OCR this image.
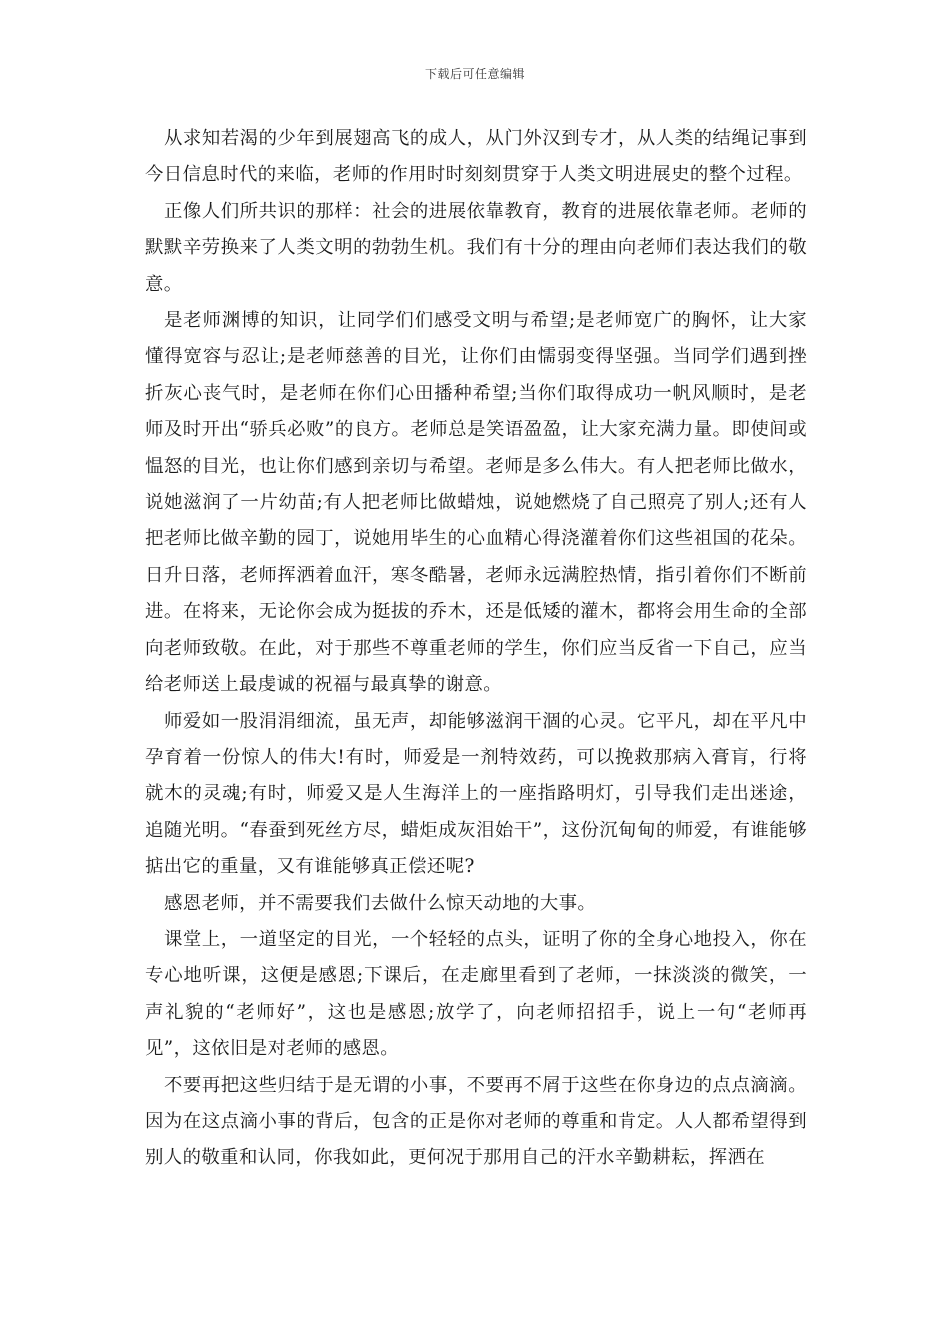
下载后可任意编辑

从求知若渴的少年到展翅高飞的成人，从门外汉到专才，从人类的结绳记事到今日信息时代的来临，老师的作用时时刻刻贯穿于人类文明进展史的整个过程。

正像人们所共识的那样：社会的进展依靠教育，教育的进展依靠老师。老师的默默辛劳换来了人类文明的勃勃生机。我们有十分的理由向老师们表达我们的敬意。

是老师渊博的知识，让同学们们感受文明与希望;是老师宽广的胸怀，让大家懂得宽容与忍让;是老师慈善的目光，让你们由懦弱变得坚强。当同学们遇到挫折灰心丧气时，是老师在你们心田播种希望;当你们取得成功一帆风顺时，是老师及时开出“骄兵必败”的良方。老师总是笑语盈盈，让大家充满力量。即使间或愠怒的目光，也让你们感到亲切与希望。老师是多么伟大。有人把老师比做水，说她滋润了一片幼苗;有人把老师比做蜡烛，说她燃烧了自己照亮了别人;还有人把老师比做辛勤的园丁，说她用毕生的心血精心得浇灌着你们这些祖国的花朵。日升日落，老师挥洒着血汗，寒冬酷暑，老师永远满腔热情，指引着你们不断前进。在将来，无论你会成为挺拔的乔木，还是低矮的灌木，都将会用生命的全部向老师致敬。在此，对于那些不尊重老师的学生，你们应当反省一下自己，应当给老师送上最虔诚的祝福与最真挚的谢意。

师爱如一股涓涓细流，虽无声，却能够滋润干涸的心灵。它平凡，却在平凡中孕育着一份惊人的伟大!有时，师爱是一剂特效药，可以挽救那病入膏肓，行将就木的灵魂;有时，师爱又是人生海洋上的一座指路明灯，引导我们走出迷途，追随光明。“春蚕到死丝方尽，蜡炬成灰泪始干”，这份沉甸甸的师爱，有谁能够掂出它的重量，又有谁能够真正偿还呢?

感恩老师，并不需要我们去做什么惊天动地的大事。

课堂上，一道坚定的目光，一个轻轻的点头，证明了你的全身心地投入，你在专心地听课，这便是感恩;下课后，在走廊里看到了老师，一抹淡淡的微笑，一声礼貌的“老师好”，这也是感恩;放学了，向老师招招手，说上一句“老师再见”，这依旧是对老师的感恩。

不要再把这些归结于是无谓的小事，不要再不屑于这些在你身边的点点滴滴。因为在这点滴小事的背后，包含的正是你对老师的尊重和肯定。人人都希望得到别人的敬重和认同，你我如此，更何况于那用自己的汗水辛勤耕耘，挥洒在
